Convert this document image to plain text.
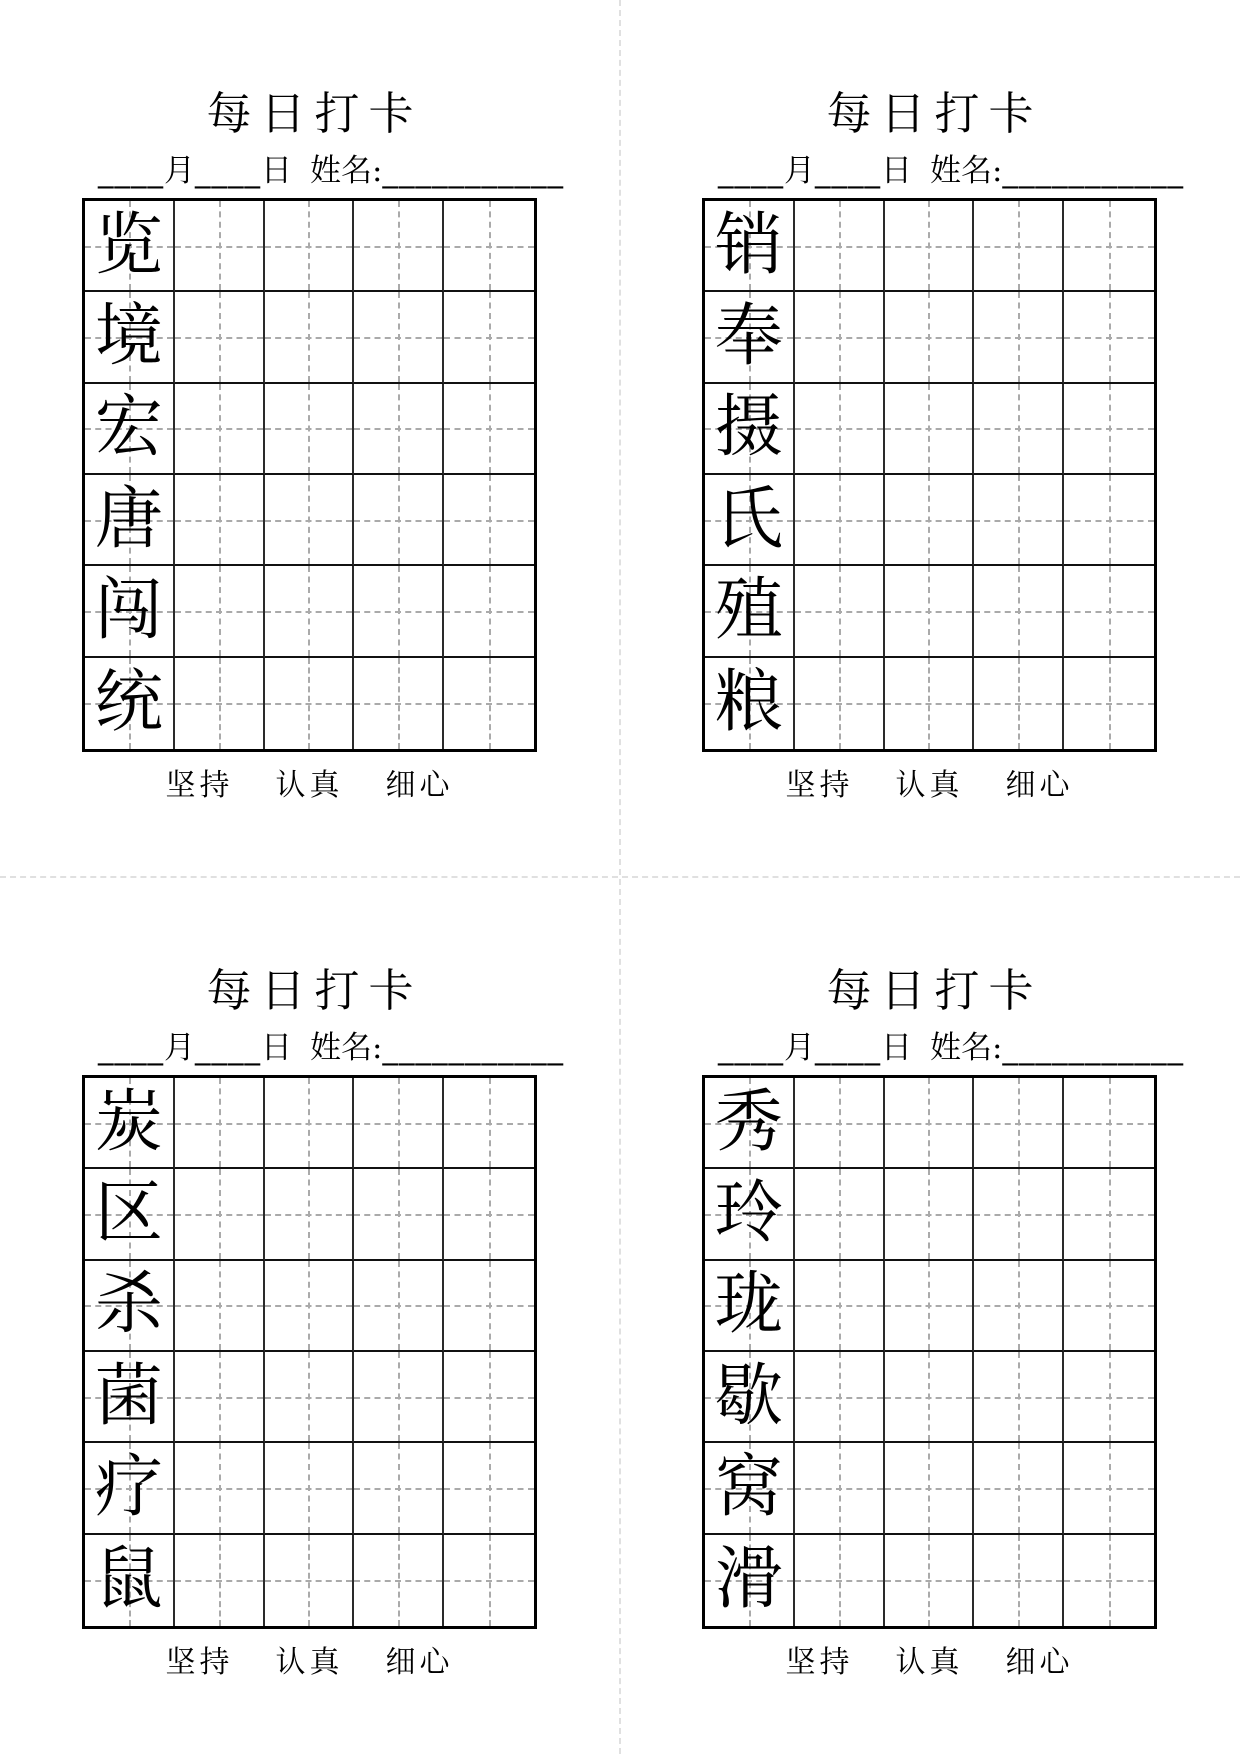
每日打卡
____ 月 ____ 日 姓名: ___________
览
境
宏
唐
闯
统
坚持 认真 细心
每日打卡
____ 月 ____ 日 姓名: ___________
销
奉
摄
氏
殖
粮
坚持 认真 细心
每日打卡
____ 月 ____ 日 姓名: ___________
炭
区
杀
菌
疗
鼠
坚持 认真 细心
每日打卡
____ 月 ____ 日 姓名: ___________
秀
玲
珑
歇
窝
滑
坚持 认真 细心
